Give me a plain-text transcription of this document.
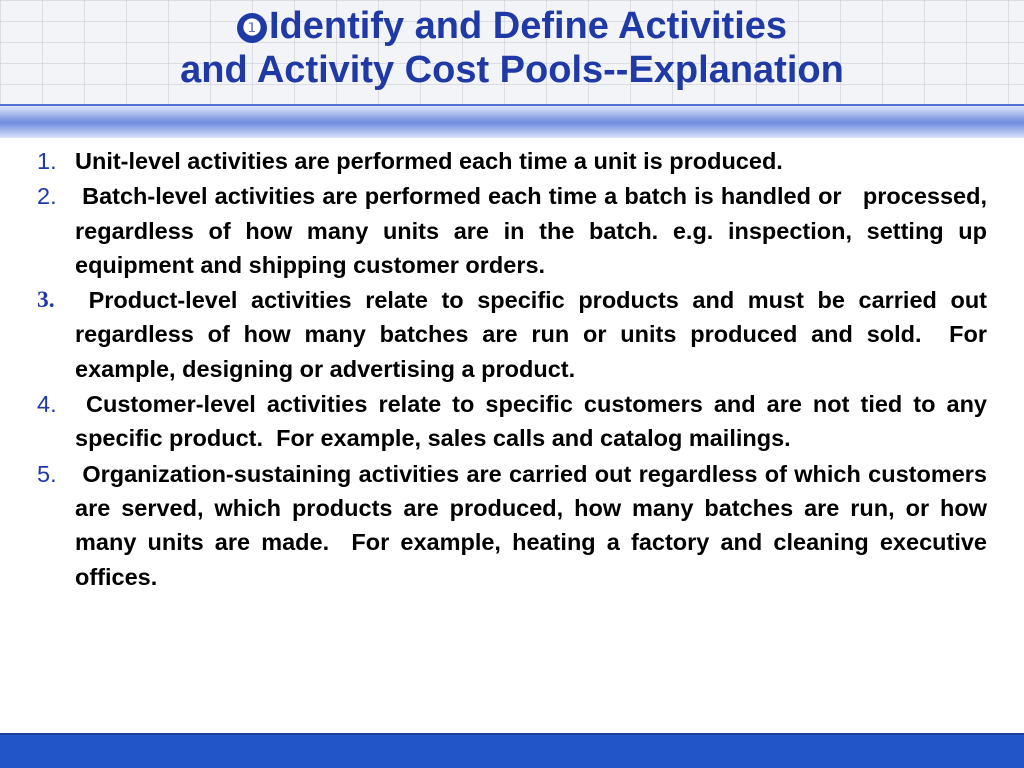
❶ Identify and Define Activities
and Activity Cost Pools--Explanation
1. Unit-level activities are performed each time a unit is produced.
2. Batch-level activities are performed each time a batch is handled or   processed, regardless of how many units are in the batch. e.g. inspection, setting up equipment and shipping customer orders.
3. Product-level activities relate to specific products and must be carried out regardless of how many batches are run or units produced and sold.  For   example, designing or advertising a product.
4. Customer-level activities relate to specific customers and are not tied to any specific product.  For example, sales calls and catalog mailings.
5. Organization-sustaining activities are carried out regardless of which customers are served, which products are produced, how many batches are run, or how many units are made.  For example, heating a factory and cleaning executive offices.
